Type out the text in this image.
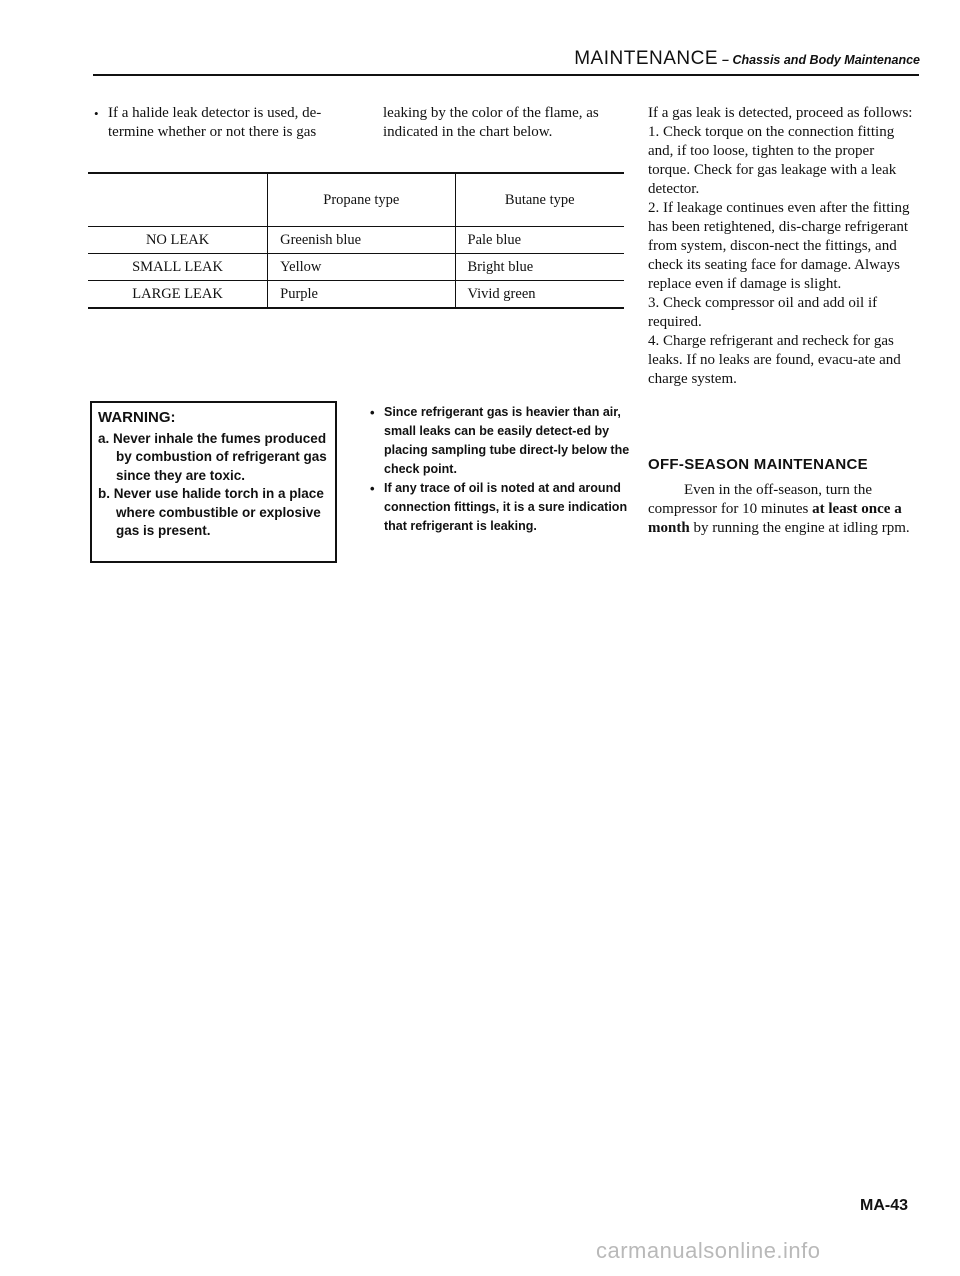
MAINTENANCE – Chassis and Body Maintenance
• If a halide leak detector is used, de-termine whether or not there is gas
leaking by the color of the flame, as indicated in the chart below.
	Propane type	Butane type
NO LEAK	Greenish blue	Pale blue
SMALL LEAK	Yellow	Bright blue
LARGE LEAK	Purple	Vivid green
WARNING:
a. Never inhale the fumes produced by combustion of refrigerant gas since they are toxic.
b. Never use halide torch in a place where combustible or explosive gas is present.
• Since refrigerant gas is heavier than air, small leaks can be easily detect-ed by placing sampling tube direct-ly below the check point.
• If any trace of oil is noted at and around connection fittings, it is a sure indication that refrigerant is leaking.

If a gas leak is detected, proceed as follows:

1. Check torque on the connection fitting and, if too loose, tighten to the proper torque. Check for gas leakage with a leak detector.

2. If leakage continues even after the fitting has been retightened, dis-charge refrigerant from system, discon-nect the fittings, and check its seating face for damage. Always replace even if damage is slight.

3. Check compressor oil and add oil if required.

4. Charge refrigerant and recheck for gas leaks. If no leaks are found, evacu-ate and charge system.

OFF-SEASON MAINTENANCE

Even in the off-season, turn the compressor for 10 minutes at least once a month by running the engine at idling rpm.

MA-43
carmanualsonline.info
